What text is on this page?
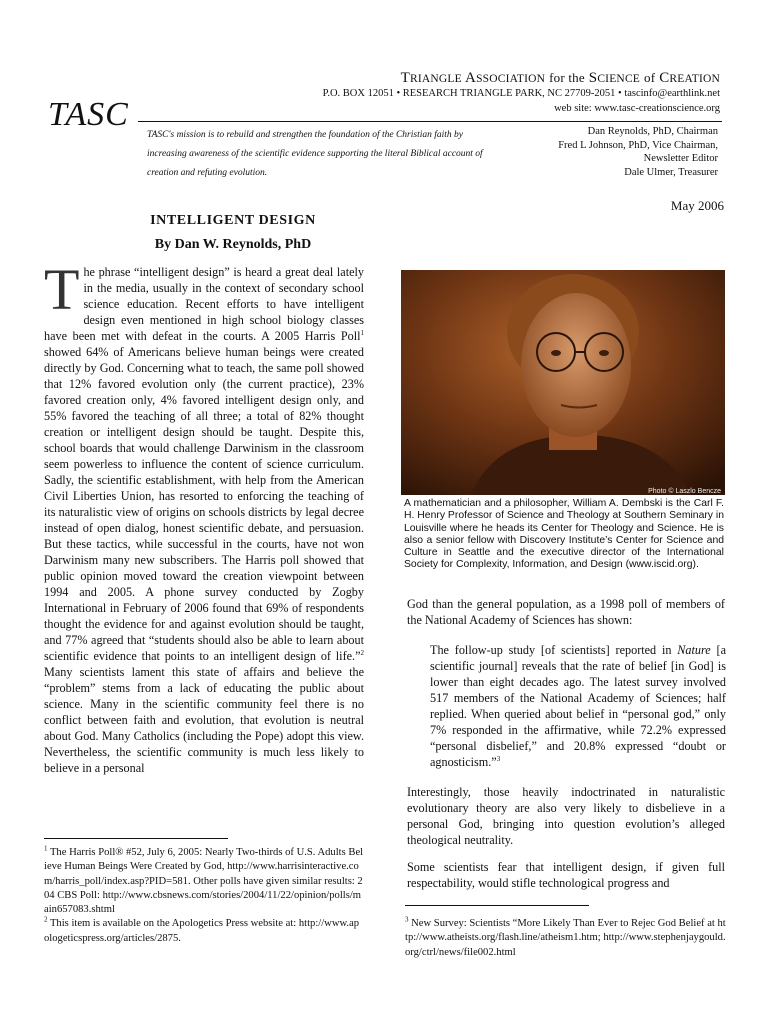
TRIANGLE ASSOCIATION for the SCIENCE of CREATION
P.O. BOX 12051 • RESEARCH TRIANGLE PARK, NC 27709-2051 • tascinfo@earthlink.net
web site: www.tasc-creationscience.org
TASC
TASC's mission is to rebuild and strengthen the foundation of the Christian faith by increasing awareness of the scientific evidence supporting the literal Biblical account of creation and refuting evolution.
Dan Reynolds, PhD, Chairman
Fred L Johnson, PhD, Vice Chairman,
Newsletter Editor
Dale Ulmer, Treasurer
May 2006
INTELLIGENT DESIGN
By Dan W. Reynolds, PhD
The phrase “intelligent design” is heard a great deal lately in the media, usually in the context of secondary school science education. Recent efforts to have intelligent design even mentioned in high school biology classes have been met with defeat in the courts. A 2005 Harris Poll$^1$ showed 64% of Americans believe human beings were created directly by God. Concerning what to teach, the same poll showed that 12% favored evolution only (the current practice), 23% favored creation only, 4% favored intelligent design only, and 55% favored the teaching of all three; a total of 82% thought creation or intelligent design should be taught. Despite this, school boards that would challenge Darwinism in the classroom seem powerless to influence the content of science curriculum. Sadly, the scientific establishment, with help from the American Civil Liberties Union, has resorted to enforcing the teaching of its naturalistic view of origins on schools districts by legal decree instead of open dialog, honest scientific debate, and persuasion. But these tactics, while successful in the courts, have not won Darwinism many new subscribers. The Harris poll showed that public opinion moved toward the creation viewpoint between 1994 and 2005. A phone survey conducted by Zogby International in February of 2006 found that 69% of respondents thought the evidence for and against evolution should be taught, and 77% agreed that “students should also be able to learn about scientific evidence that points to an intelligent design of life.”$^2$ Many scientists lament this state of affairs and believe the “problem” stems from a lack of educating the public about science. Many in the scientific community feel there is no conflict between faith and evolution, that evolution is neutral about God. Many Catholics (including the Pope) adopt this view. Nevertheless, the scientific community is much less likely to believe in a personal
Photo © Laszlo Bencze
A mathematician and a philosopher, William A. Dembski is the Carl F. H. Henry Professor of Science and Theology at Southern Seminary in Louisville where he heads its Center for Theology and Science. He is also a senior fellow with Discovery Institute’s Center for Science and Culture in Seattle and the executive director of the International Society for Complexity, Information, and Design (www.iscid.org).
God than the general population, as a 1998 poll of members of the National Academy of Sciences has shown:
The follow-up study [of scientists] reported in Nature [a scientific journal] reveals that the rate of belief [in God] is lower than eight decades ago. The latest survey involved 517 members of the National Academy of Sciences; half replied. When queried about belief in “personal god,” only 7% responded in the affirmative, while 72.2% expressed “personal disbelief,” and 20.8% expressed “doubt or agnosticism.”$^3$
Interestingly, those heavily indoctrinated in naturalistic evolutionary theory are also very likely to disbelieve in a personal God, bringing into question evolution’s alleged theological neutrality.
Some scientists fear that intelligent design, if given full respectability, would stifle technological progress and
$^1$ The Harris Poll® #52, July 6, 2005: Nearly Two-thirds of U.S. Adults Believe Human Beings Were Created by God, http://www.harrisinteractive.com/harris_poll/index.asp?PID=581. Other polls have given similar results: 204 CBS Poll: http://www.cbsnews.com/stories/2004/11/22/opinion/polls/main657083.shtml
$^2$ This item is available on the Apologetics Press website at: http://www.apologeticspress.org/articles/2875.
$^3$ New Survey: Scientists “More Likely Than Ever to Rejec God Belief at http://www.atheists.org/flash.line/atheism1.htm; http://www.stephenjaygould.org/ctrl/news/file002.html
